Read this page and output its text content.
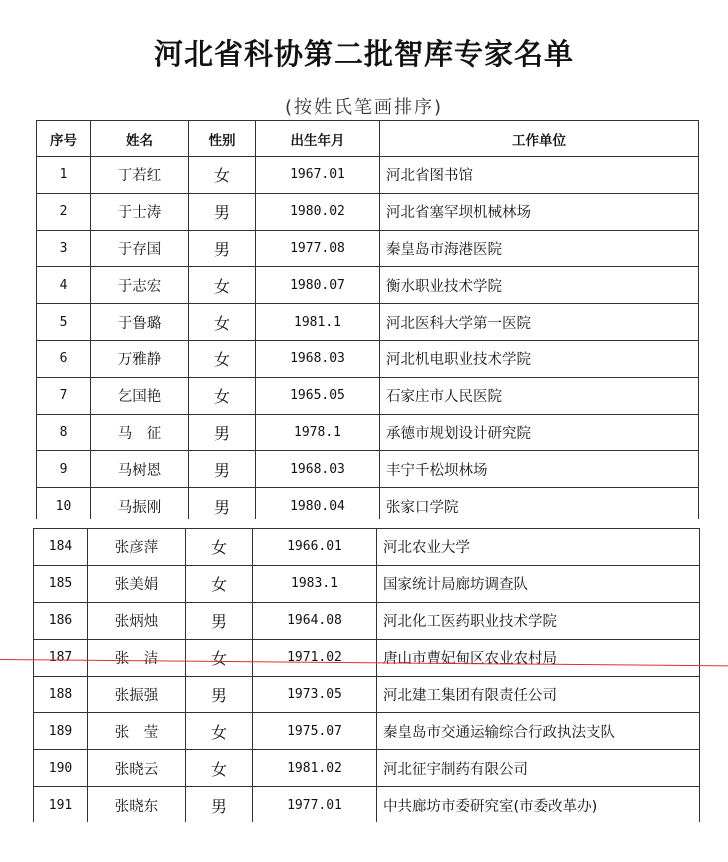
河北省科协第二批智库专家名单
(按姓氏笔画排序)
序号	姓名	性别	出生年月	工作单位
1	丁若红	女	1967.01	河北省图书馆
2	于士涛	男	1980.02	河北省塞罕坝机械林场
3	于存国	男	1977.08	秦皇岛市海港医院
4	于志宏	女	1980.07	衡水职业技术学院
5	于鲁璐	女	1981.1	河北医科大学第一医院
6	万雅静	女	1968.03	河北机电职业技术学院
7	乞国艳	女	1965.05	石家庄市人民医院
8	马　征	男	1978.1	承德市规划设计研究院
9	马树恩	男	1968.03	丰宁千松坝林场
10	马振刚	男	1980.04	张家口学院
184	张彦萍	女	1966.01	河北农业大学
185	张美娟	女	1983.1	国家统计局廊坊调查队
186	张炳烛	男	1964.08	河北化工医药职业技术学院
187	张　洁	女	1971.02	唐山市曹妃甸区农业农村局
188	张振强	男	1973.05	河北建工集团有限责任公司
189	张　莹	女	1975.07	秦皇岛市交通运输综合行政执法支队
190	张晓云	女	1981.02	河北征宇制药有限公司
191	张晓东	男	1977.01	中共廊坊市委研究室(市委改革办)
